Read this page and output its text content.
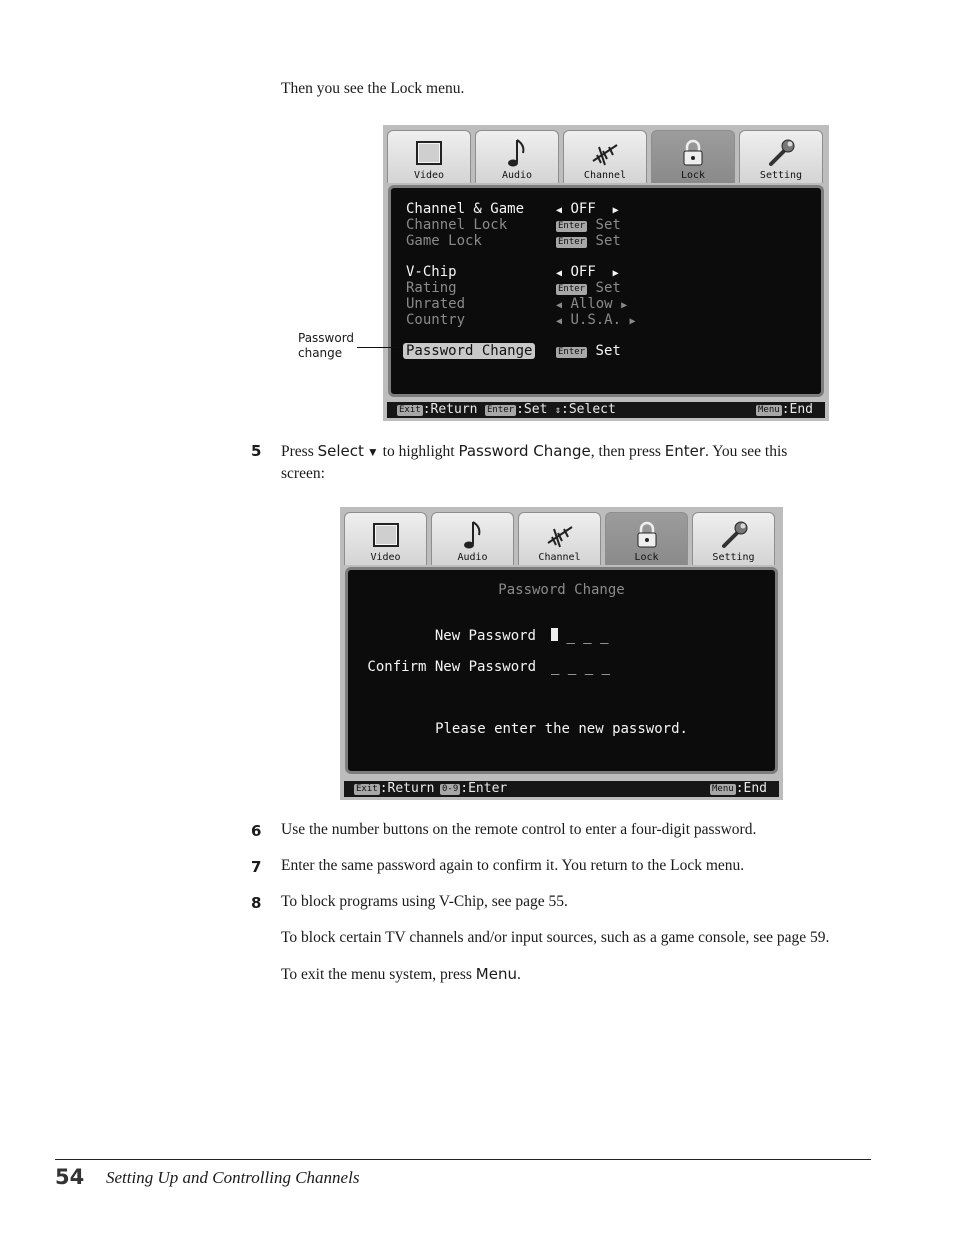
Then you see the Lock menu.
Video	Audio	Channel	Lock	Setting
Channel & Game	◀ OFF ▶
Channel Lock	Enter Set
Game Lock	Enter Set
V-Chip	◀ OFF ▶
Rating	Enter Set
Unrated	◀ Allow ▶
Country	◀ U.S.A. ▶
Password Change	Enter Set
Exit :Return Enter :Set ⇕:Select	Menu :End
Password
change
5 Press Select ▼ to highlight Password Change, then press Enter. You see this
screen:
Video	Audio	Channel	Lock	Setting
Password Change
New Password	_ _ _
Confirm New Password _ _ _ _
Please enter the new password.
Exit :Return 0-9 :Enter	Menu :End
6 Use the number buttons on the remote control to enter a four-digit password.
7 Enter the same password again to confirm it. You return to the Lock menu.
8 To block programs using V-Chip, see page 55.
To block certain TV channels and/or input sources, such as a game console, see page 59.
To exit the menu system, press Menu.
54 Setting Up and Controlling Channels
